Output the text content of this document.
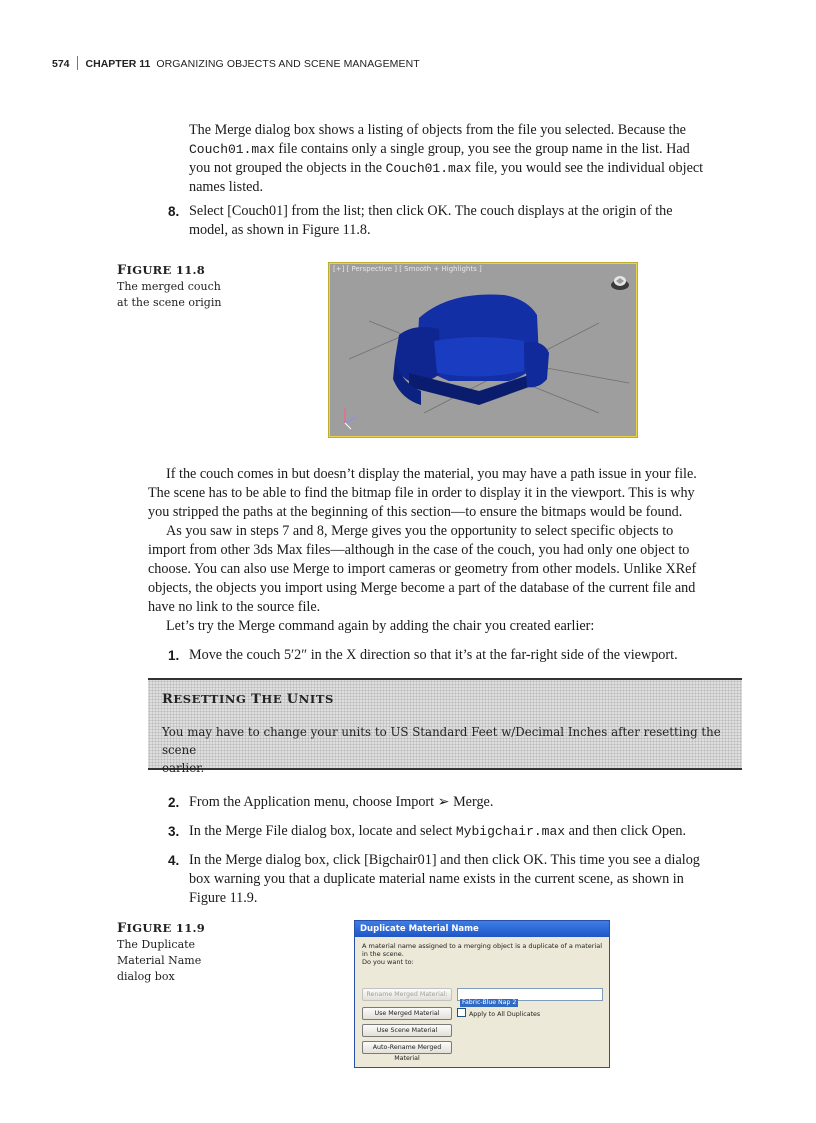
574 CHAPTER 11 ORGANIZING OBJECTS AND SCENE MANAGEMENT

The Merge dialog box shows a listing of objects from the file you selected. Because the

Couch01.max file contains only a single group, you see the group name in the list. Had

you not grouped the objects in the Couch01.max file, you would see the individual object

names listed.

8. Select [Couch01] from the list; then click OK. The couch displays at the origin of the
model, as shown in Figure 11.8.
FIGURE 11.8
The merged couch
at the scene origin
[+] [ Perspective ] [ Smooth + Highlights ]

If the couch comes in but doesn’t display the material, you may have a path issue in your file.

The scene has to be able to find the bitmap file in order to display it in the viewport. This is why

you stripped the paths at the beginning of this section—to ensure the bitmaps would be found.

As you saw in steps 7 and 8, Merge gives you the opportunity to select specific objects to

import from other 3ds Max files—although in the case of the couch, you had only one object to

choose. You can also use Merge to import cameras or geometry from other models. Unlike XRef

objects, the objects you import using Merge become a part of the database of the current file and

have no link to the source file.

Let’s try the Merge command again by adding the chair you created earlier:

1. Move the couch 5′2″ in the X direction so that it’s at the far-right side of the viewport.
RESETTING THE UNITS
You may have to change your units to US Standard Feet w/Decimal Inches after resetting the scene
earlier.
2. From the Application menu, choose Import ➢ Merge.
3. In the Merge File dialog box, locate and select Mybigchair.max and then click Open.
4. In the Merge dialog box, click [Bigchair01] and then click OK. This time you see a dialog
box warning you that a duplicate material name exists in the current scene, as shown in
Figure 11.9.
FIGURE 11.9
The Duplicate
Material Name
dialog box
Duplicate Material Name
A material name assigned to a merging object is a duplicate of a material in the scene.
Do you want to:
Rename Merged Material:
Fabric-Blue Nap 2
Use Merged Material	Apply to All Duplicates
Use Scene Material
Auto-Rename Merged Material
